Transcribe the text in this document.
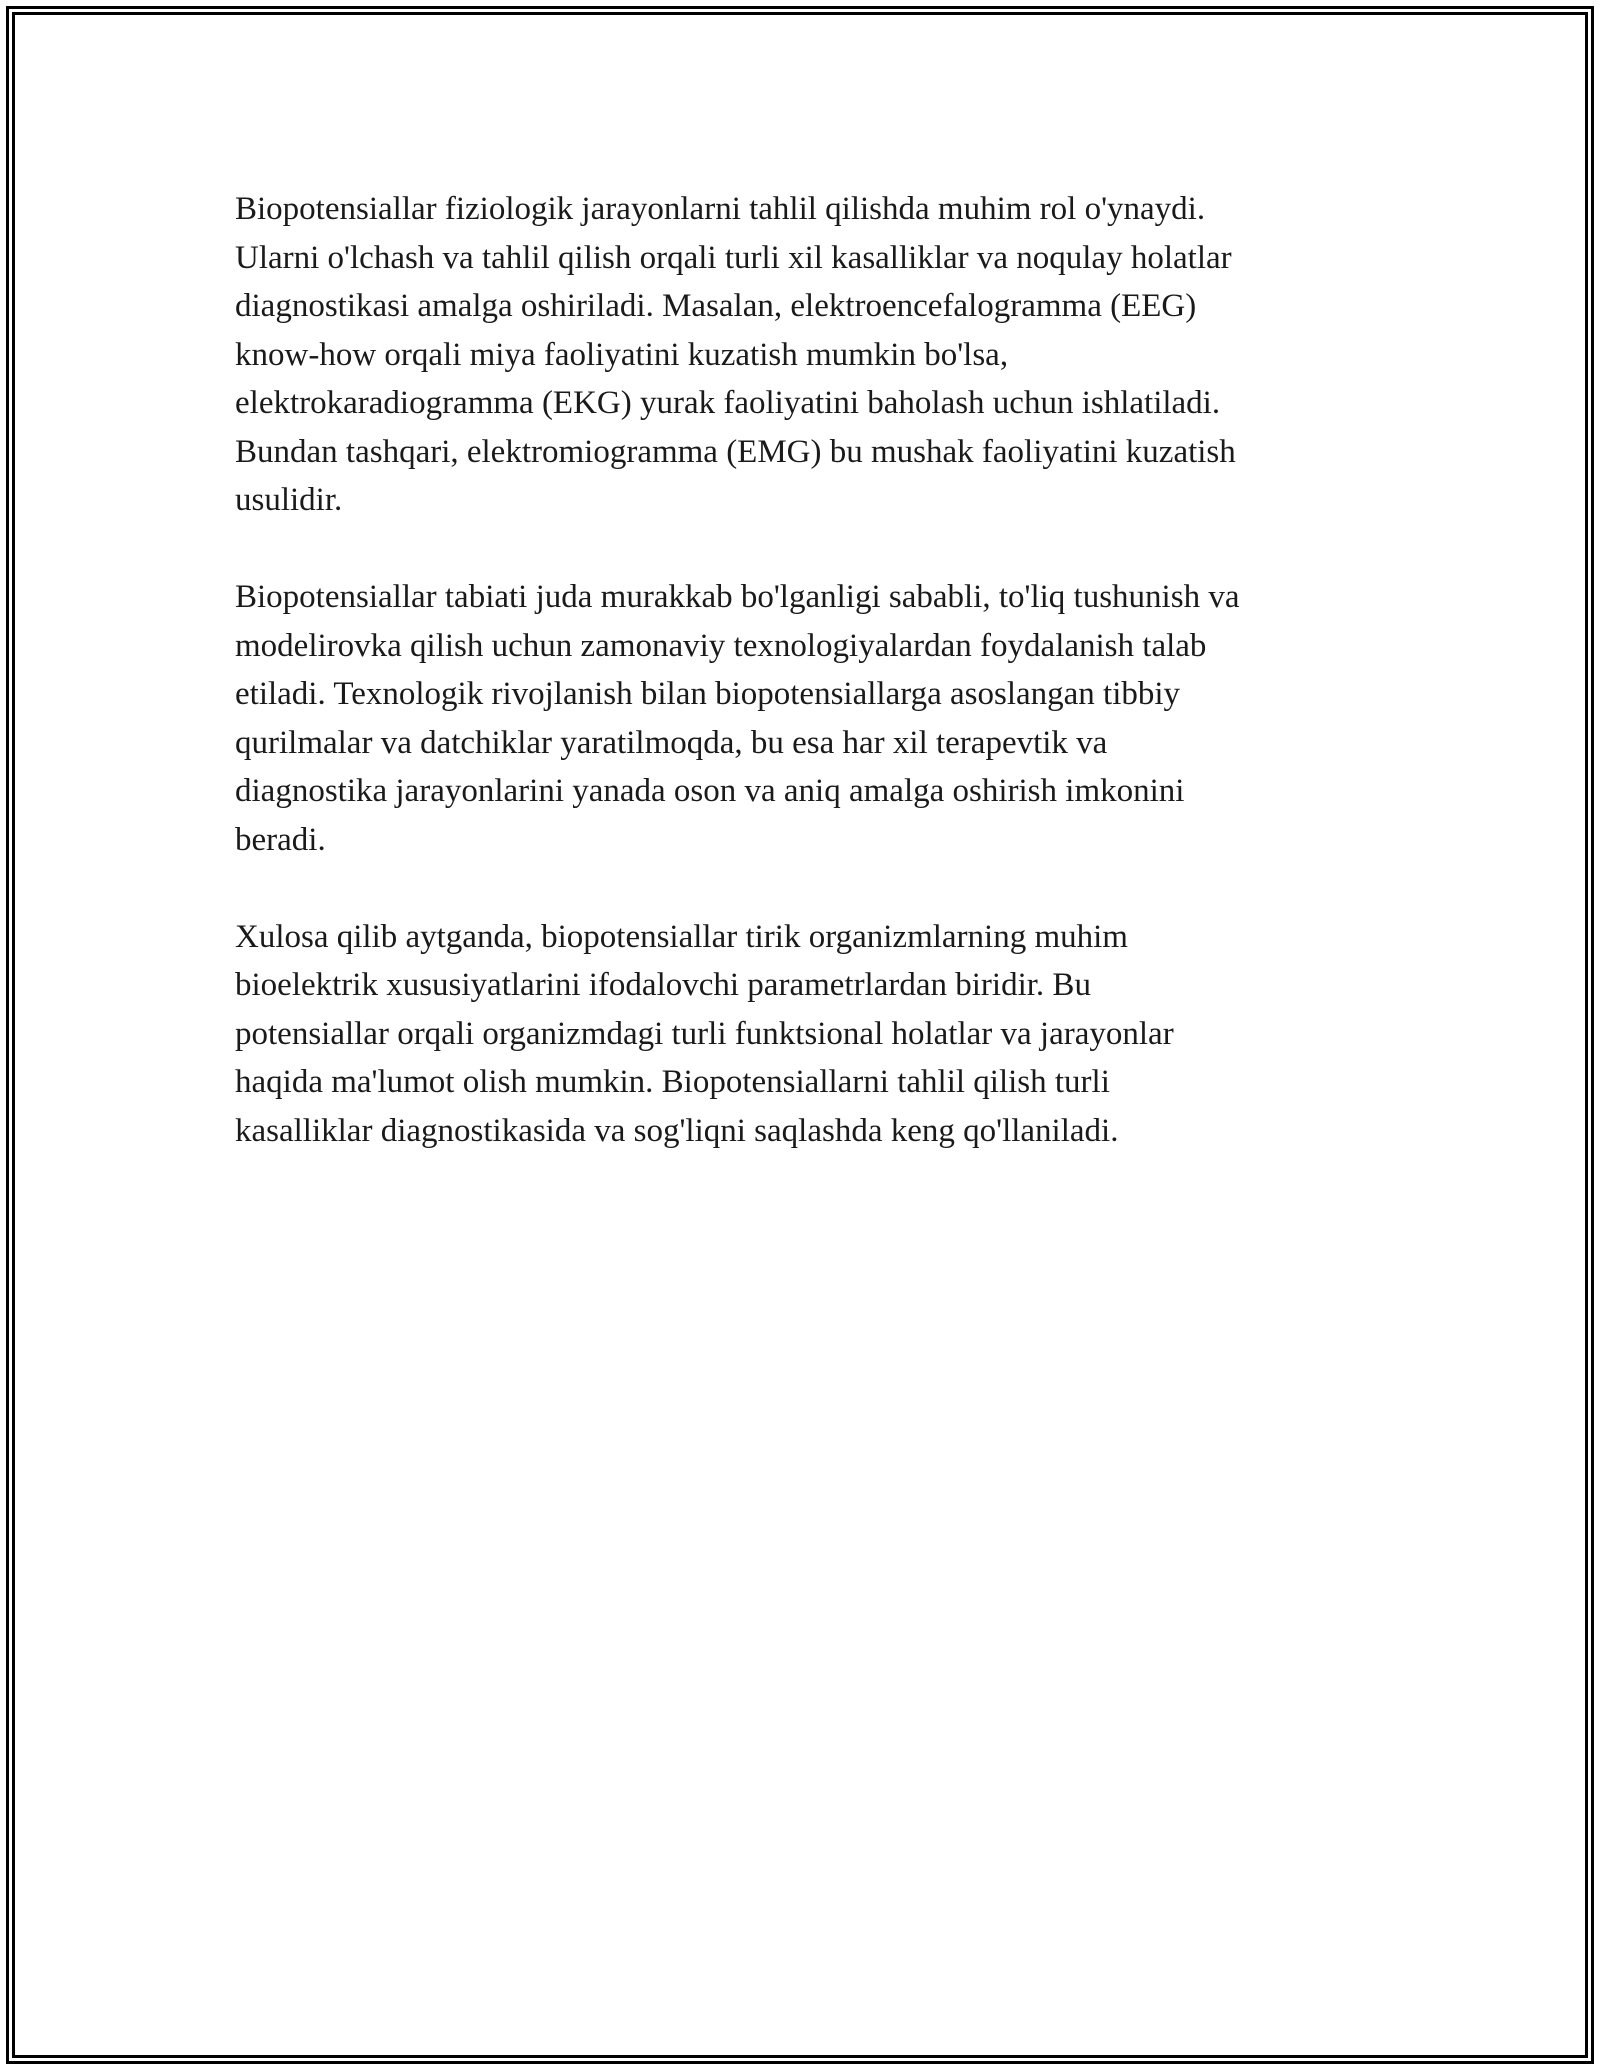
Biopotensiallar fiziologik jarayonlarni tahlil qilishda muhim rol o'ynaydi.
Ularni o'lchash va tahlil qilish orqali turli xil kasalliklar va noqulay holatlar
diagnostikasi amalga oshiriladi. Masalan, elektroencefalogramma (EEG)
know-how orqali miya faoliyatini kuzatish mumkin bo'lsa,
elektrokaradiogramma (EKG) yurak faoliyatini baholash uchun ishlatiladi.
Bundan tashqari, elektromiogramma (EMG) bu mushak faoliyatini kuzatish
usulidir.

Biopotensiallar tabiati juda murakkab bo'lganligi sababli, to'liq tushunish va
modelirovka qilish uchun zamonaviy texnologiyalardan foydalanish talab
etiladi. Texnologik rivojlanish bilan biopotensiallarga asoslangan tibbiy
qurilmalar va datchiklar yaratilmoqda, bu esa har xil terapevtik va
diagnostika jarayonlarini yanada oson va aniq amalga oshirish imkonini
beradi.

Xulosa qilib aytganda, biopotensiallar tirik organizmlarning muhim
bioelektrik xususiyatlarini ifodalovchi parametrlardan biridir. Bu
potensiallar orqali organizmdagi turli funktsional holatlar va jarayonlar
haqida ma'lumot olish mumkin. Biopotensiallarni tahlil qilish turli
kasalliklar diagnostikasida va sog'liqni saqlashda keng qo'llaniladi.
